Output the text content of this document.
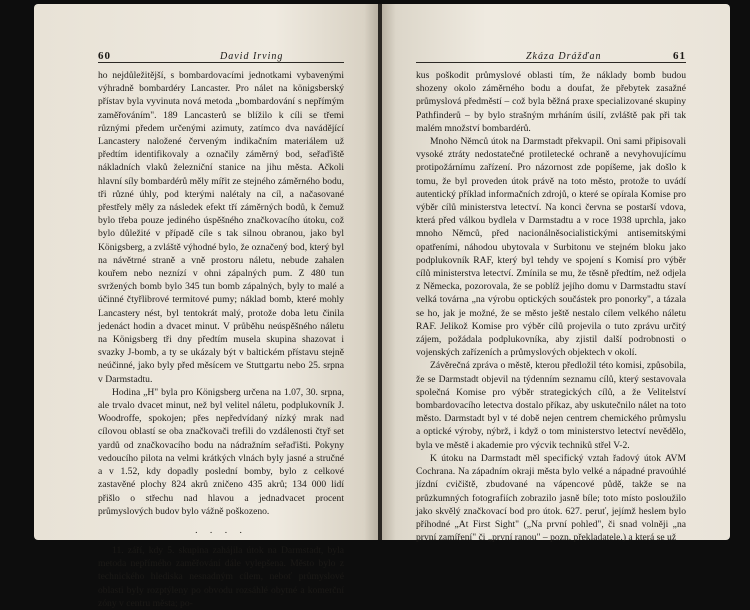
60	David Irving

ho nejdůležitější, s bombardovacími jednotkami vybavenými výhradně bombardéry Lancaster. Pro nálet na königsberský přístav byla vyvinuta nová metoda „bombardování s nepřímým zaměřováním". 189 Lancasterů se blížilo k cíli se třemi různými předem určenými azimuty, zatímco dva navádějící Lancastery naložené červeným indikačním materiálem už předtím identifikovaly a označily záměrný bod, seřaďiště nákladních vlaků železniční stanice na jihu města. Ačkoli hlavní síly bombardérů měly mířit ze stejného záměrného bodu, tři různé úhly, pod kterými nalétaly na cíl, a načasované přestřely měly za následek efekt tří záměrných bodů, k čemuž bylo třeba pouze jediného úspěšného značkovacího útoku, což bylo důležité v případě cíle s tak silnou obranou, jako byl Königsberg, a zvláště výhodné bylo, že označený bod, který byl na návětrné straně a vně prostoru náletu, nebude zahalen kouřem nebo neznízí v ohni zápalných pum. Z 480 tun svržených bomb bylo 345 tun bomb zápalných, byly to malé a účinné čtyřlibrové termitové pumy; náklad bomb, které mohly Lancastery nést, byl tentokrát malý, protože doba letu činila jedenáct hodin a dvacet minut. V průběhu neúspěšného náletu na Königsberg tři dny předtím musela skupina shazovat i svazky J-bomb, a ty se ukázaly být v baltickém přístavu stejně neúčinné, jako byly před měsícem ve Stuttgartu nebo 25. srpna v Darmstadtu.

Hodina „H" byla pro Königsberg určena na 1.07, 30. srpna, ale trvalo dvacet minut, než byl velitel náletu, podplukovník J. Woodroffe, spokojen; přes nepředvídaný nízký mrak nad cílovou oblastí se oba značkovači trefili do vzdálenosti čtyř set yardů od značkovacího bodu na nádražním seřaďišti. Pokyny vedoucího pilota na velmi krátkých vlnách byly jasné a stručné a v 1.52, kdy dopadly poslední bomby, bylo z celkové zastavěné plochy 824 akrů zničeno 435 akrů; 134 000 lidí přišlo o střechu nad hlavou a jednadvacet procent průmyslových budov bylo vážně poškozeno.

. . . .

11. září, kdy 5. skupina zahájila útok na Darmstadt, byla metoda nepřímého zaměřování dále vylepšena. Město bylo z technického hlediska nesnadným cílem, neboť průmyslové oblasti byly rozptýleny po obvodu rozsáhlé obytné a komerční zóny v centru města; po-

Zkáza Drážďan	61

kus poškodit průmyslové oblasti tím, že náklady bomb budou shozeny okolo záměrného bodu a doufat, že přebytek zasažné průmyslová předměstí – což byla běžná praxe specializované skupiny Pathfinderů – by bylo strašným mrháním úsilí, zvláště pak při tak malém množství bombardérů.

Mnoho Němců útok na Darmstadt překvapil. Oni sami připisovali vysoké ztráty nedostatečné protiletecké ochraně a nevyhovujícímu protipožárnímu zařízení. Pro názornost zde popíšeme, jak došlo k tomu, že byl proveden útok právě na toto město, protože to uvádí autentický příklad informačních zdrojů, o které se opírala Komise pro výběr cílů ministerstva letectví. Na konci června se postarší vdova, která před válkou bydlela v Darmstadtu a v roce 1938 uprchla, jako mnoho Němců, před nacionálněsocialistickými antisemitskými opatřeními, náhodou ubytovala v Surbitonu ve stejném bloku jako podplukovník RAF, který byl tehdy ve spojení s Komisí pro výběr cílů ministerstva letectví. Zmínila se mu, že těsně předtím, než odjela z Německa, pozorovala, že se poblíž jejího domu v Darmstadtu staví velká továrna „na výrobu optických součástek pro ponorky", a tázala se ho, jak je možné, že se město ještě nestalo cílem velkého náletu RAF. Jelikož Komise pro výběr cílů projevila o tuto zprávu určitý zájem, požádala podplukovníka, aby zjistil další podrobnosti o vojenských zařízeních a průmyslových objektech v okolí.

Závěrečná zpráva o městě, kterou předložil této komisi, způsobila, že se Darmstadt objevil na týdenním seznamu cílů, který sestavovala společná Komise pro výběr strategických cílů, a že Velitelství bombardovacího letectva dostalo příkaz, aby uskutečnilo nálet na toto město. Darmstadt byl v té době nejen centrem chemického průmyslu a optické výroby, nýbrž, i když o tom ministerstvo letectví nevědělo, byla ve městě i akademie pro výcvik techniků střel V-2.

K útoku na Darmstadt měl specifický vztah řadový útok AVM Cochrana. Na západním okraji města bylo velké a nápadné pravoúhlé jízdní cvičiště, zbudované na vápencové půdě, takže se na průzkumných fotografiích zobrazilo jasně bíle; toto místo posloužilo jako skvělý značkovací bod pro útok. 627. peruť, jejímž heslem bylo příhodné „At First Sight" („Na první pohled", či snad volněji „na první zamíření" či „první ranou" – pozn. překladatele.) a která se už
